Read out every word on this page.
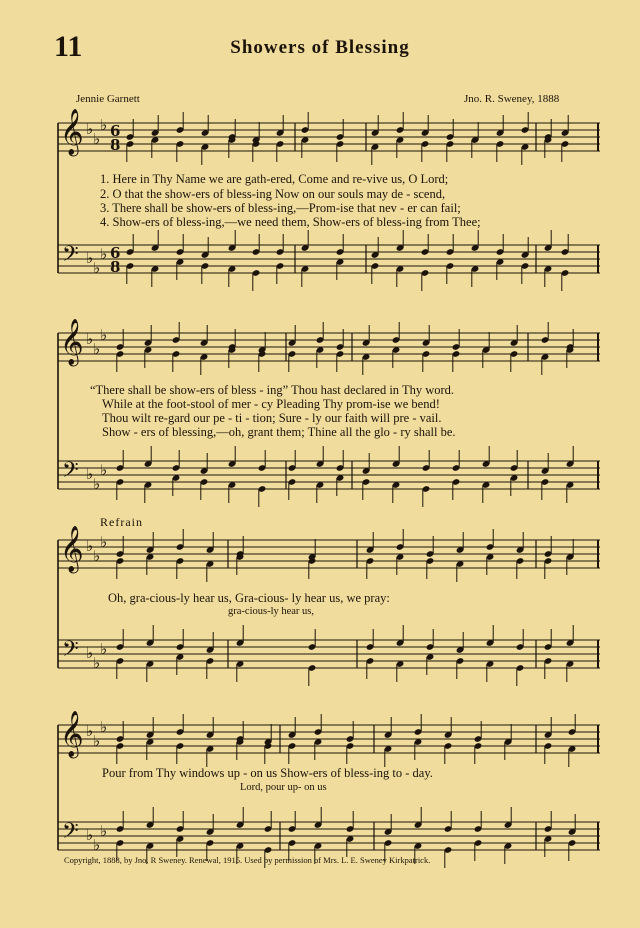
11	Showers of Blessing
Jennie Garnett	Jno. R. Sweney, 1888
𝄞
𝄢
♭
♭
♭
♭
♭
♭
6
8
6
8
𝄞
𝄢
♭
♭
♭
♭
♭
♭
𝄞
𝄢
♭
♭
♭
♭
♭
♭
𝄞
𝄢
♭
♭
♭
♭
♭
♭
1. Here in Thy Name we are gath-ered, Come and re-vive us, O Lord;
2. O that the show-ers of bless-ing Now on our souls may de - scend,
3. There shall be show-ers of bless-ing,—Prom-ise that nev - er can fail;
4. Show-ers of bless-ing,—we need them, Show-ers of bless-ing from Thee;
“There shall be show-ers of bless - ing” Thou hast declared in Thy word.
While at the foot-stool of mer - cy Pleading Thy prom-ise we bend!
Thou wilt re-gard our pe - ti - tion; Sure - ly our faith will pre - vail.
Show - ers of blessing,—oh, grant them; Thine all the glo - ry shall be.
Refrain
Oh, gra-cious-ly hear us, Gra-cious- ly hear us, we pray:
gra-cious-ly hear us,
Pour from Thy windows up - on us Show-ers of bless-ing to - day.
Lord, pour up- on us
Copyright, 1888, by Jno. R Sweney. Renewal, 1915. Used by permission of Mrs. L. E. Sweney Kirkpatrick.
